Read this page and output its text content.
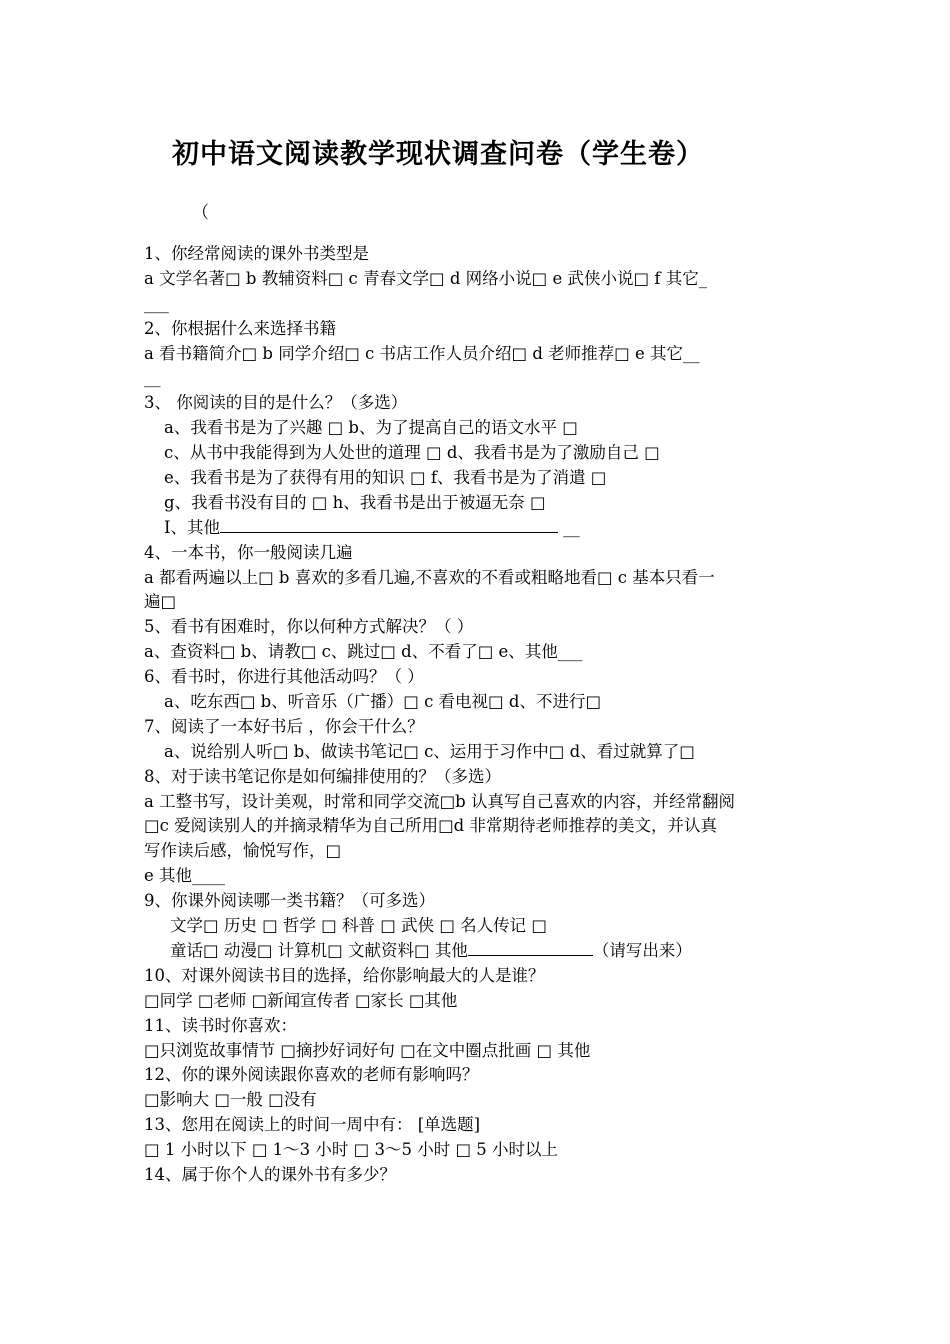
初中语文阅读教学现状调查问卷（学生卷）
（
1、你经常阅读的课外书类型是
a 文学名著□ b 教辅资料□ c 青春文学□ d 网络小说□ e 武侠小说□ f 其它_
___
2、你根据什么来选择书籍
a 看书籍简介□ b 同学介绍□ c 书店工作人员介绍□ d 老师推荐□ e 其它__
__
3、 你阅读的目的是什么？（多选）
a、我看书是为了兴趣 □ b、为了提高自己的语文水平 □
c、从书中我能得到为人处世的道理 □ d、我看书是为了激励自己 □
e、我看书是为了获得有用的知识 □ f、我看书是为了消遣 □
g、我看书没有目的 □ h、我看书是出于被逼无奈 □
I、其他	__
4、一本书，你一般阅读几遍
a 都看两遍以上□ b 喜欢的多看几遍,不喜欢的不看或粗略地看□ c 基本只看一
遍□
5、看书有困难时，你以何种方式解决？（ ）
a、查资料□ b、请教□ c、跳过□ d、不看了□ e、其他___
6、看书时，你进行其他活动吗？（ ）
a、吃东西□ b、听音乐（广播）□ c 看电视□ d、不进行□
7、阅读了一本好书后 ，你会干什么？
a、说给别人听□ b、做读书笔记□ c、运用于习作中□ d、看过就算了□
8、对于读书笔记你是如何编排使用的？（多选）
a 工整书写，设计美观，时常和同学交流□b 认真写自己喜欢的内容，并经常翻阅
□c 爱阅读别人的并摘录精华为自己所用□d 非常期待老师推荐的美文，并认真
写作读后感，愉悦写作，□
e 其他____
9、你课外阅读哪一类书籍？（可多选）
文学□ 历史 □ 哲学 □ 科普 □ 武侠 □ 名人传记 □
童话□ 动漫□ 计算机□ 文献资料□ 其他	（请写出来）
10、对课外阅读书目的选择，给你影响最大的人是谁？
□同学 □老师 □新闻宣传者 □家长 □其他
11、读书时你喜欢：
□只浏览故事情节 □摘抄好词好句 □在文中圈点批画 □ 其他
12、你的课外阅读跟你喜欢的老师有影响吗？
□影响大 □一般 □没有
13、您用在阅读上的时间一周中有： [单选题]
□ 1 小时以下 □ 1～3 小时 □ 3～5 小时 □ 5 小时以上
14、属于你个人的课外书有多少？
